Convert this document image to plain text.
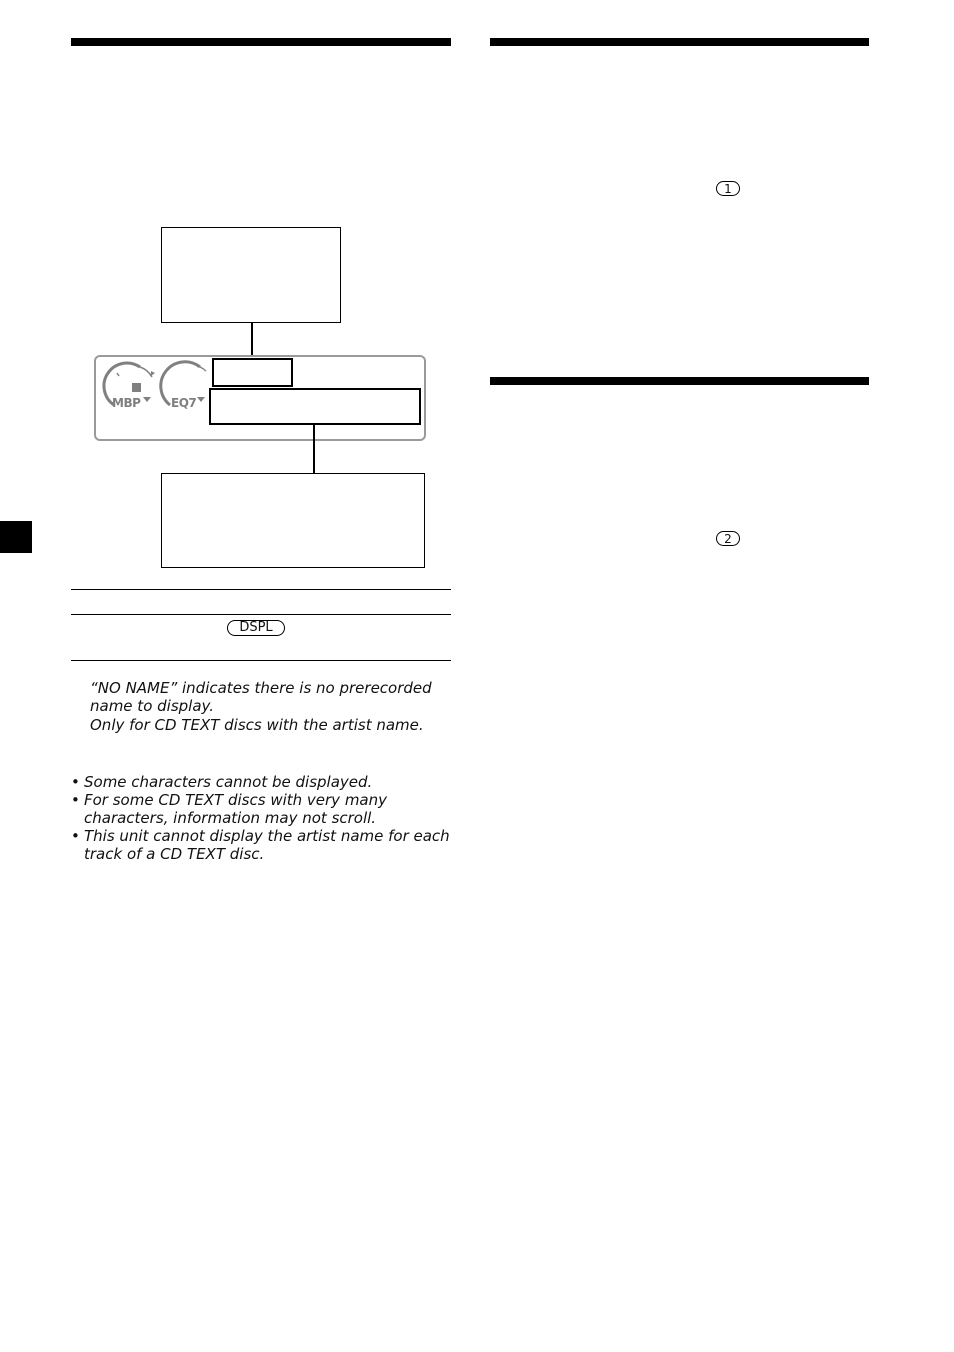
MBP	EQ7
DSPL
“NO NAME” indicates there is no prerecorded
name to display.
Only for CD TEXT discs with the artist name.
• Some characters cannot be displayed.
• For some CD TEXT discs with very many
characters, information may not scroll.
• This unit cannot display the artist name for each
track of a CD TEXT disc.
1
2
